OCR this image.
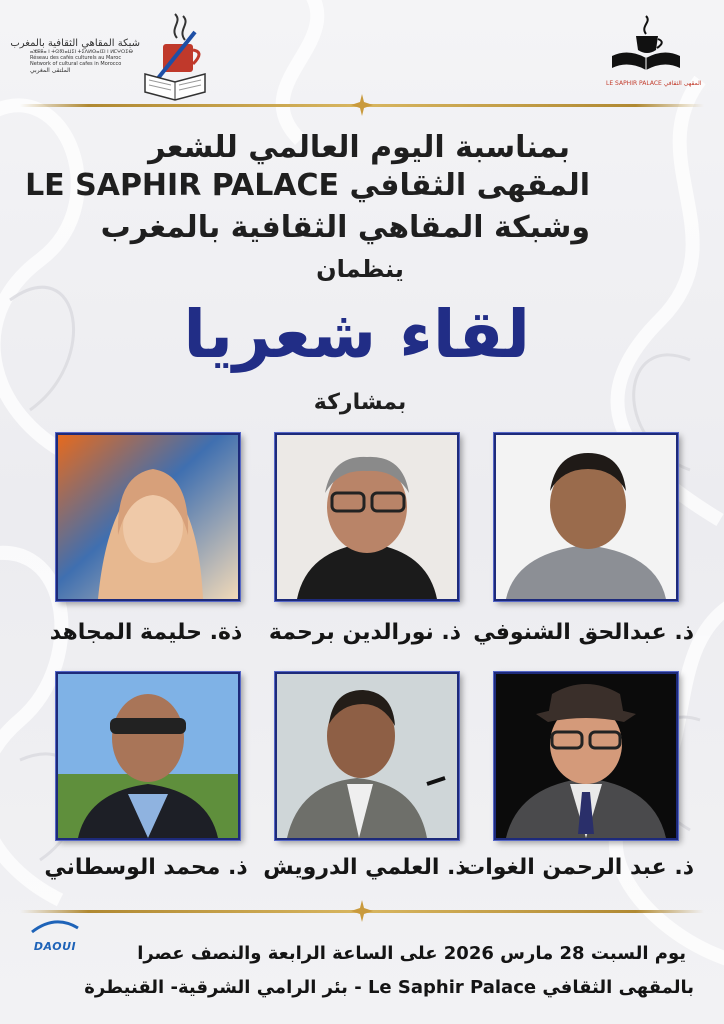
شبكة المقاهي الثقافية بالمغرب
ⴰⵣⵟⵟⴰ ⵏ ⵜⵙⴳⵏⴰⵡⵉⵏ ⵜⵉⴷⵍⵙⴰⵏⵉⵏ ⵏ ⵍⵎⵖⵔⵉⴱ
Réseau des cafés culturels au Maroc
Network of cultural cafes in Morocco
الملتقى المغربي
LE SAPHIR PALACE المقهى الثقافي
بمناسبة اليوم العالمي للشعر
المقهى الثقافي LE SAPHIR PALACE
وشبكة المقاهي الثقافية بالمغرب
ينظمان
لقاء شعريا
بمشاركة
ذة. حليمة المجاهد	ذ. نورالدين برحمة ذ. عبدالحق الشنوفي
ذ. محمد الوسطاني ذ. العلمي الدرويش
ذ. عبد الرحمن الغوات
DAOUI	يوم السبت 28 مارس 2026 على الساعة الرابعة والنصف عصرا
بالمقهى الثقافي Le Saphir Palace - بئر الرامي الشرقية- القنيطرة
